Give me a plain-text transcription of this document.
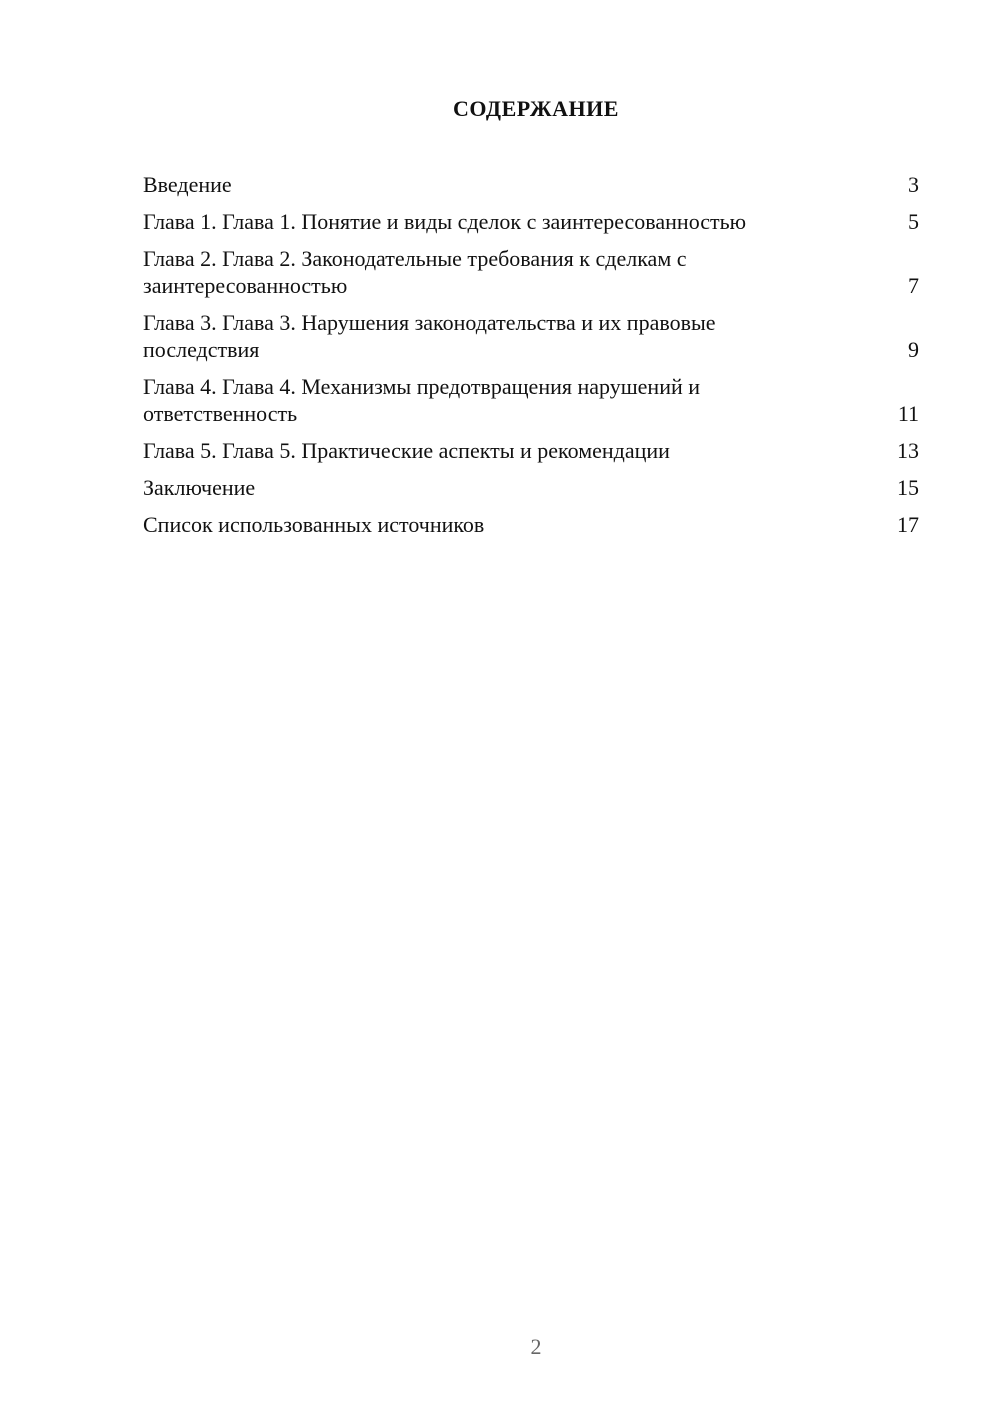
СОДЕРЖАНИЕ
Введение	3
Глава 1. Глава 1. Понятие и виды сделок с заинтересованностью	5
Глава 2. Глава 2. Законодательные требования к сделкам с заинтересованностью	7
Глава 3. Глава 3. Нарушения законодательства и их правовые последствия	9
Глава 4. Глава 4. Механизмы предотвращения нарушений и ответственность	11
Глава 5. Глава 5. Практические аспекты и рекомендации	13
Заключение	15
Список использованных источников	17
2
